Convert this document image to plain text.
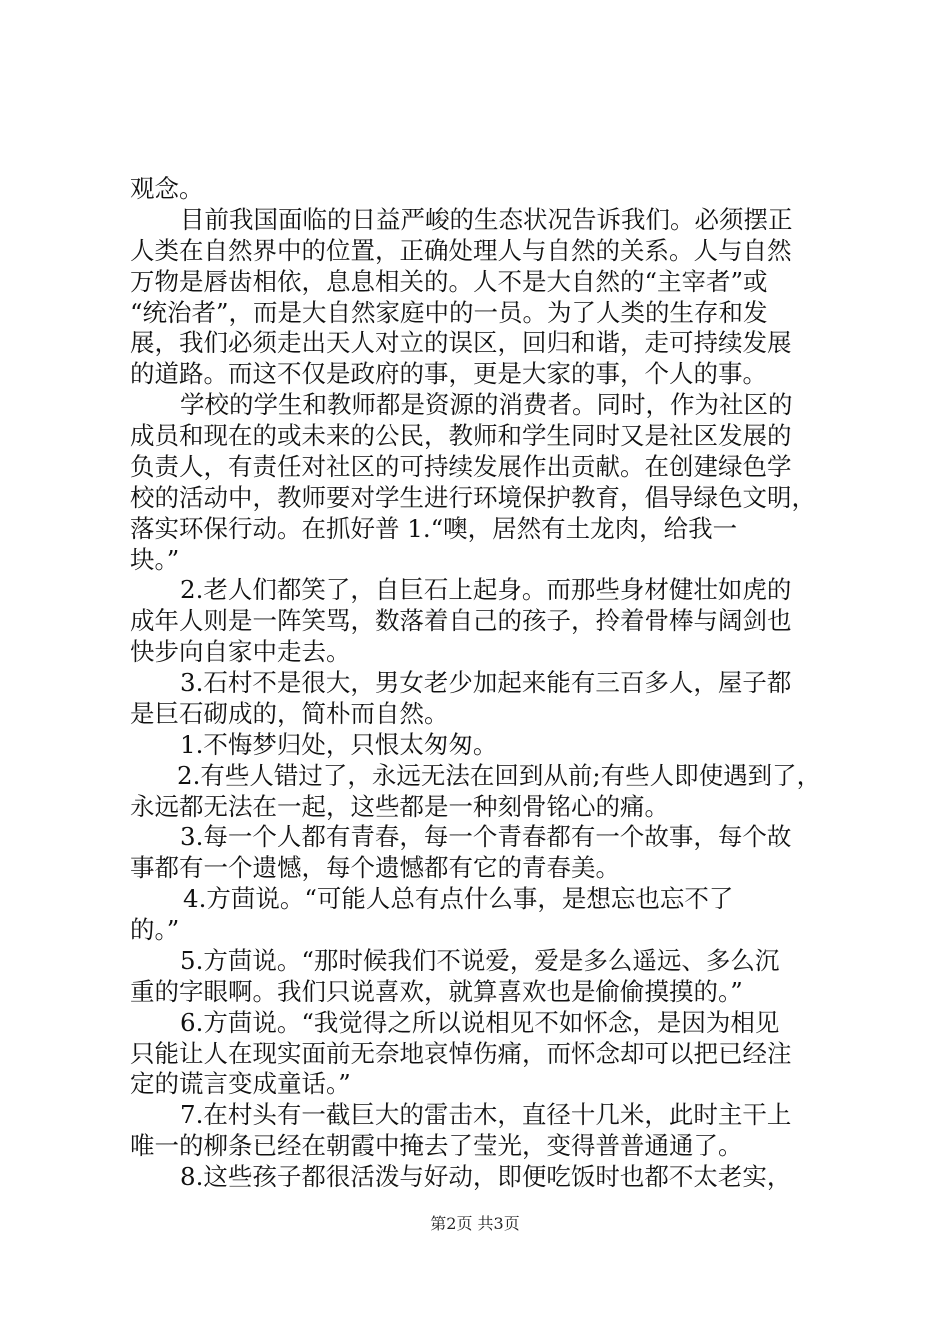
观念。
目前我国面临的日益严峻的生态状况告诉我们。必须摆正
人类在自然界中的位置，正确处理人与自然的关系。人与自然
万物是唇齿相依，息息相关的。人不是大自然的“主宰者”或
“统治者”，而是大自然家庭中的一员。为了人类的生存和发
展，我们必须走出天人对立的误区，回归和谐，走可持续发展
的道路。而这不仅是政府的事，更是大家的事，个人的事。
学校的学生和教师都是资源的消费者。同时，作为社区的
成员和现在的或未来的公民，教师和学生同时又是社区发展的
负责人，有责任对社区的可持续发展作出贡献。在创建绿色学
校的活动中，教师要对学生进行环境保护教育，倡导绿色文明，
落实环保行动。在抓好普 1.“噢，居然有土龙肉，给我一
块。”
2.老人们都笑了，自巨石上起身。而那些身材健壮如虎的
成年人则是一阵笑骂，数落着自己的孩子，拎着骨棒与阔剑也
快步向自家中走去。
3.石村不是很大，男女老少加起来能有三百多人，屋子都
是巨石砌成的，简朴而自然。
1.不悔梦归处，只恨太匆匆。
2.有些人错过了，永远无法在回到从前;有些人即使遇到了，
永远都无法在一起，这些都是一种刻骨铭心的痛。
3.每一个人都有青春，每一个青春都有一个故事，每个故
事都有一个遗憾，每个遗憾都有它的青春美。
4.方茴说。“可能人总有点什么事，是想忘也忘不了
的。”
5.方茴说。“那时候我们不说爱，爱是多么遥远、多么沉
重的字眼啊。我们只说喜欢，就算喜欢也是偷偷摸摸的。”
6.方茴说。“我觉得之所以说相见不如怀念，是因为相见
只能让人在现实面前无奈地哀悼伤痛，而怀念却可以把已经注
定的谎言变成童话。”
7.在村头有一截巨大的雷击木，直径十几米，此时主干上
唯一的柳条已经在朝霞中掩去了莹光，变得普普通通了。
8.这些孩子都很活泼与好动，即便吃饭时也都不太老实，
第2页 共3页
